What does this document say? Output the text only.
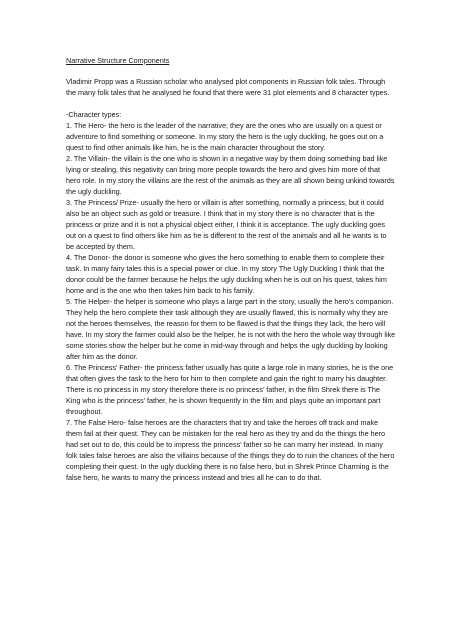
Narrative Structure Components

Vladimir Propp was a Russian scholar who analysed plot components in Russian folk tales. Through the many folk tales that he analysed he found that there were 31 plot elements and 8 character types.

-Character types:

1. The Hero- the hero is the leader of the narrative; they are the ones who are usually on a quest or adventure to find something or someone. In my story the hero is the ugly duckling, he goes out on a quest to find other animals like him, he is the main character throughout the story.

2. The Villain- the villain is the one who is shown in a negative way by them doing something bad like lying or stealing, this negativity can bring more people towards the hero and gives him more of that hero role. In my story the villains are the rest of the animals as they are all shown being unkind towards the ugly duckling.

3. The Princess/ Prize- usually the hero or villain is after something, normally a princess, but it could also be an object such as gold or treasure. I think that in my story there is no character that is the princess or prize and it is not a physical object either, I think it is acceptance. The ugly duckling goes out on a quest to find others like him as he is different to the rest of the animals and all he wants is to be accepted by them.

4. The Donor- the donor is someone who gives the hero something to enable them to complete their task. In many fairy tales this is a special power or clue. In my story The Ugly Duckling I think that the donor could be the farmer because he helps the ugly duckling when he is out on his quest, takes him home and is the one who then takes him back to his family.

5. The Helper- the helper is someone who plays a large part in the story, usually the hero’s companion. They help the hero complete their task although they are usually flawed, this is normally why they are not the heroes themselves, the reason for them to be flawed is that the things they lack, the hero will have. In my story the farmer could also be the helper, he is not with the hero the whole way through like some stories show the helper but he come in mid-way through and helps the ugly duckling by looking after him as the donor.

6. The Princess’ Father- the princess father usually has quite a large role in many stories, he is the one that often gives the task to the hero for him to then complete and gain the right to marry his daughter. There is no princess in my story therefore there is no princess’ father, in the film Shrek there is The King who is the princess’ father, he is shown frequently in the film and plays quite an important part throughout.

7. The False Hero- false heroes are the characters that try and take the heroes off track and make them fail at their quest. They can be mistaken for the real hero as they try and do the things the hero had set out to do, this could be to impress the princess’ father so he can marry her instead. In many folk tales false heroes are also the villains because of the things they do to ruin the chances of the hero completing their quest. In the ugly duckling there is no false hero, but in Shrek Prince Charming is the false hero, he wants to marry the princess instead and tries all he can to do that.
